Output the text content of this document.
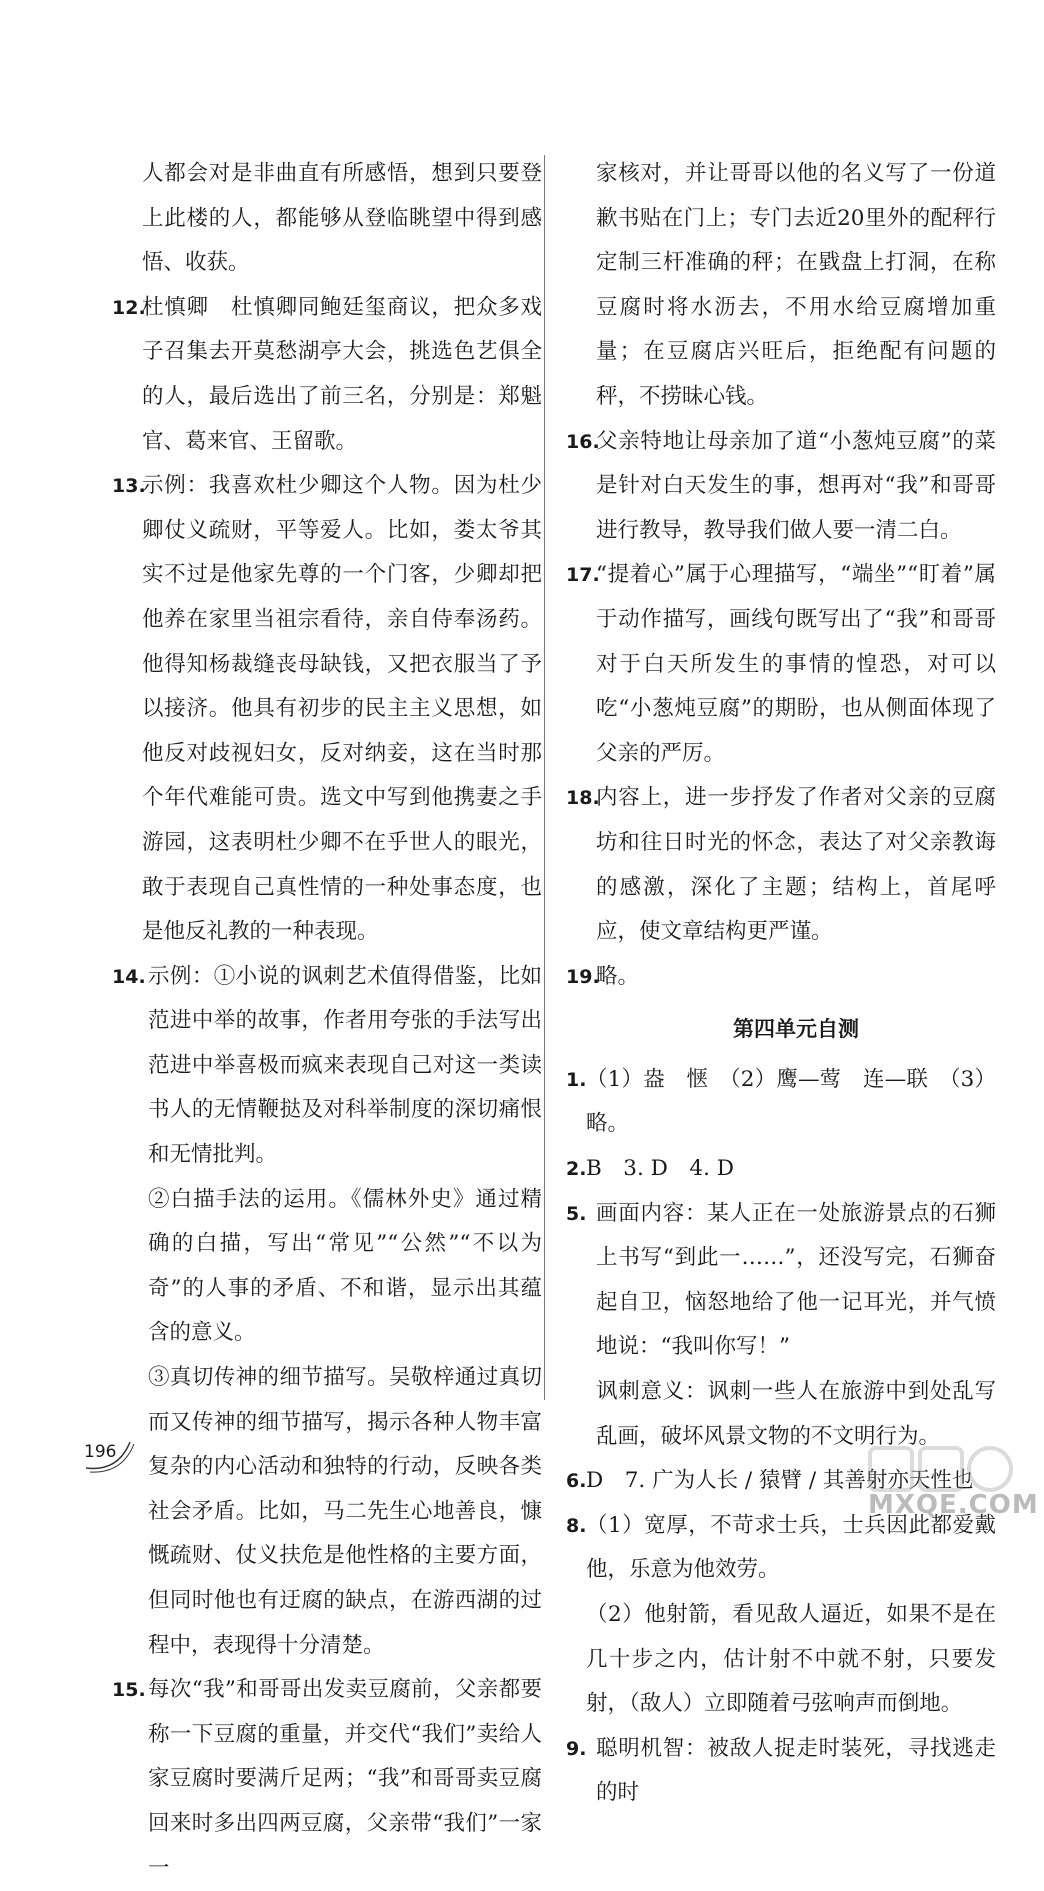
人都会对是非曲直有所感悟，想到只要登上此楼的人，都能够从登临眺望中得到感悟、收获。
12.
杜慎卿　杜慎卿同鲍廷玺商议，把众多戏子召集去开莫愁湖亭大会，挑选色艺俱全的人，最后选出了前三名，分别是：郑魁官、葛来官、王留歌。
13.
示例：我喜欢杜少卿这个人物。因为杜少卿仗义疏财，平等爱人。比如，娄太爷其实不过是他家先尊的一个门客，少卿却把他养在家里当祖宗看待，亲自侍奉汤药。他得知杨裁缝丧母缺钱，又把衣服当了予以接济。他具有初步的民主主义思想，如他反对歧视妇女，反对纳妾，这在当时那个年代难能可贵。选文中写到他携妻之手游园，这表明杜少卿不在乎世人的眼光，敢于表现自己真性情的一种处事态度，也是他反礼教的一种表现。
14. 示例：①小说的讽刺艺术值得借鉴，比如范进中举的故事，作者用夸张的手法写出范进中举喜极而疯来表现自己对这一类读书人的无情鞭挞及对科举制度的深切痛恨和无情批判。
②白描手法的运用。《儒林外史》通过精确的白描，写出“常见”“公然”“不以为奇”的人事的矛盾、不和谐，显示出其蕴含的意义。
③真切传神的细节描写。吴敬梓通过真切而又传神的细节描写，揭示各种人物丰富复杂的内心活动和独特的行动，反映各类社会矛盾。比如，马二先生心地善良，慷慨疏财、仗义扶危是他性格的主要方面，但同时他也有迂腐的缺点，在游西湖的过程中，表现得十分清楚。
15. 每次“我”和哥哥出发卖豆腐前，父亲都要称一下豆腐的重量，并交代“我们”卖给人家豆腐时要满斤足两；“我”和哥哥卖豆腐回来时多出四两豆腐，父亲带“我们”一家一
家核对，并让哥哥以他的名义写了一份道歉书贴在门上；专门去近20里外的配秤行定制三杆准确的秤；在戥盘上打洞，在称豆腐时将水沥去，不用水给豆腐增加重量；在豆腐店兴旺后，拒绝配有问题的秤，不捞昧心钱。
16.
父亲特地让母亲加了道“小葱炖豆腐”的菜是针对白天发生的事，想再对“我”和哥哥进行教导，教导我们做人要一清二白。
17.
“提着心”属于心理描写，“端坐”“盯着”属于动作描写，画线句既写出了“我”和哥哥对于白天所发生的事情的惶恐，对可以吃“小葱炖豆腐”的期盼，也从侧面体现了父亲的严厉。
18.
内容上，进一步抒发了作者对父亲的豆腐坊和往日时光的怀念，表达了对父亲教诲的感激，深化了主题；结构上，首尾呼应，使文章结构更严谨。
19.
略。
第四单元自测
1. （1）盎　惬　（2）鹰—莺　连—联　（3）略。
2. B　3. D　4. D
5. 画面内容：某人正在一处旅游景点的石狮上书写“到此一……”，还没写完，石狮奋起自卫，恼怒地给了他一记耳光，并气愤地说：“我叫你写！”
讽刺意义：讽刺一些人在旅游中到处乱写乱画，破坏风景文物的不文明行为。
6. D　7. 广为人长 / 猿臂 / 其善射亦天性也
8. （1）宽厚，不苛求士兵，士兵因此都爱戴他，乐意为他效劳。
（2）他射箭，看见敌人逼近，如果不是在几十步之内，估计射不中就不射，只要发射，（敌人）立即随着弓弦响声而倒地。
9. 聪明机智：被敌人捉走时装死，寻找逃走的时
196
MXQE.COM
